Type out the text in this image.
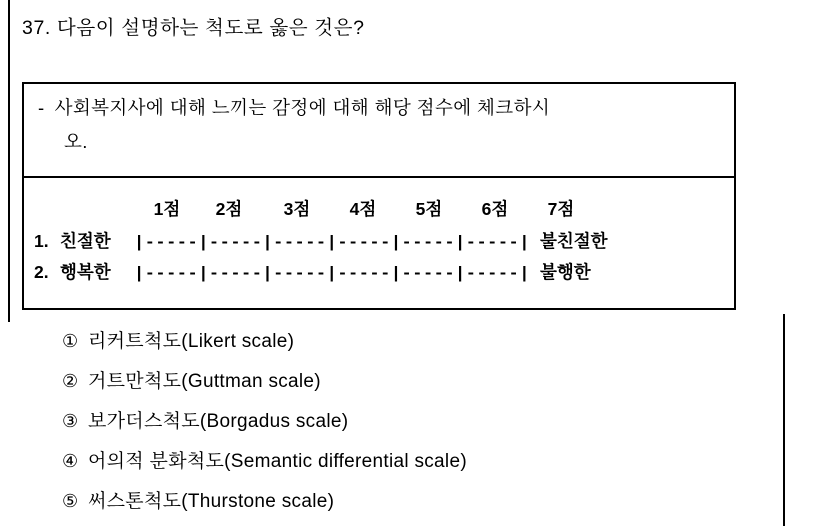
37. 다음이 설명하는 척도로 옳은 것은?
- 사회복지사에 대해 느끼는 감정에 대해 해당 점수에 체크하시
오.
1점	2점	3점	4점	5점	6점	7점
1. 친절한	|-----|-----|-----|-----|-----|-----| 불친절한
2. 행복한	|-----|-----|-----|-----|-----|-----| 불행한
① 리커트척도(Likert scale)
② 거트만척도(Guttman scale)
③ 보가더스척도(Borgadus scale)
④ 어의적 분화척도(Semantic differential scale)
⑤ 써스톤척도(Thurstone scale)
